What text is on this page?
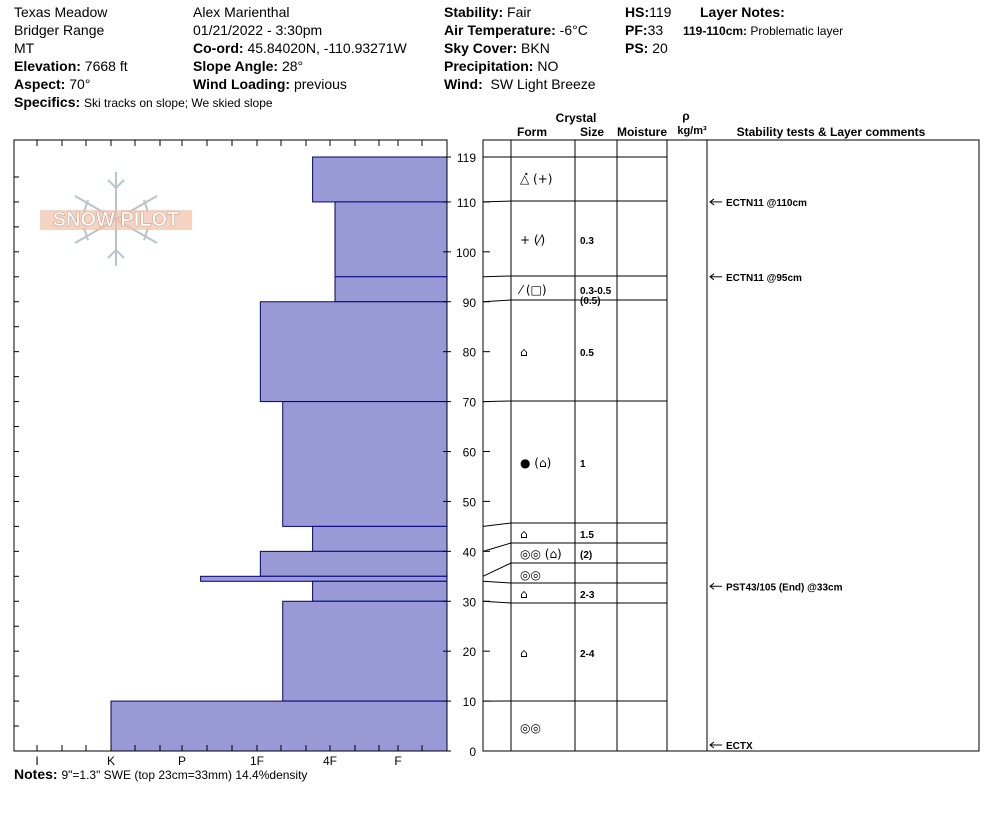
Texas Meadow
Bridger Range
MT
Elevation: 7668 ft
Aspect: 70°
Specifics: Ski tracks on slope; We skied slope
Alex Marienthal
01/21/2022 - 3:30pm
Co-ord: 45.84020N, -110.93271W
Slope Angle: 28°
Wind Loading: previous
Stability: Fair
Air Temperature: -6°C
Sky Cover: BKN
Precipitation: NO
Wind: SW Light Breeze
HS:119
PF:33
PS: 20
Layer Notes:
119-110cm: Problematic layer
SNOW PILOT
I	K	P	1F	4F	F
0
10
20
30
40
50
60
70
80
90
100
110
119
Crystal
Form	Size Moisture
ρ
kg/m³ Stability tests & Layer comments
△̽ (+)
+ (⁄)	0.3
⁄ (□)	0.3-0.5
(0.5)
⌂	0.5
● (⌂)	1
⌂	1.5
◎◎ (⌂) (2)
◎◎
⌂	2-3
⌂	2-4
◎◎
ECTN11 @110cm
ECTN11 @95cm
PST43/105 (End) @33cm
ECTX
Notes: 9"=1.3" SWE (top 23cm=33mm) 14.4%density
